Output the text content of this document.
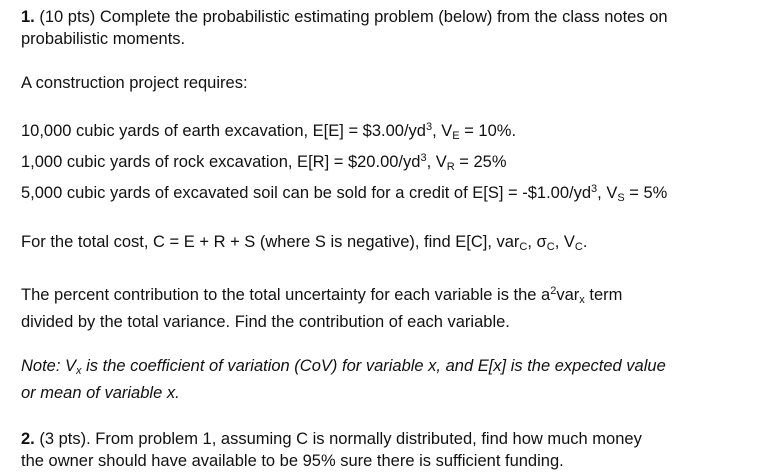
1. (10 pts) Complete the probabilistic estimating problem (below) from the class notes on
probabilistic moments.
A construction project requires:
10,000 cubic yards of earth excavation, $E[E] = \$3.00/yd^3$, $V_E = 10\%$.
1,000 cubic yards of rock excavation, $E[R] = \$20.00/yd^3$, $V_R = 25\%$
5,000 cubic yards of excavated soil can be sold for a credit of $E[S] = -\$1.00/yd^3$, $V_S = 5\%$
For the total cost, C = E + R + S (where S is negative), find E[C], var$_C$, $\sigma_C$, $V_C$.
The percent contribution to the total uncertainty for each variable is the $a^2var_x$ term
divided by the total variance. Find the contribution of each variable.
Note: $V_x$ is the coefficient of variation (CoV) for variable x, and E[x] is the expected value
or mean of variable x.
2. (3 pts). From problem 1, assuming C is normally distributed, find how much money
the owner should have available to be 95% sure there is sufficient funding.
